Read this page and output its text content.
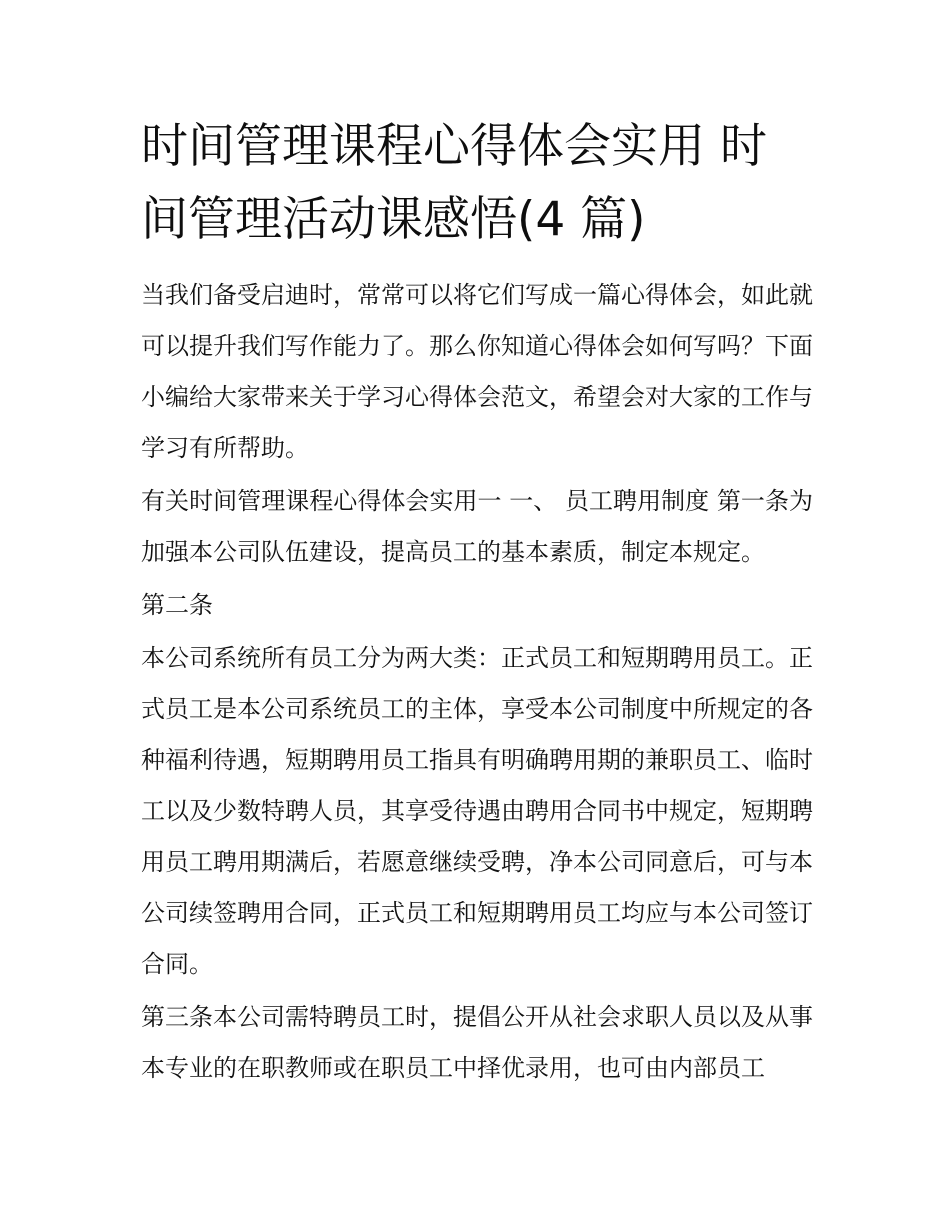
时间管理课程心得体会实用 时间管理活动课感悟(4 篇)

当我们备受启迪时，常常可以将它们写成一篇心得体会，如此就可以提升我们写作能力了。那么你知道心得体会如何写吗？下面小编给大家带来关于学习心得体会范文，希望会对大家的工作与学习有所帮助。

有关时间管理课程心得体会实用一 一、 员工聘用制度 第一条为加强本公司队伍建设，提高员工的基本素质，制定本规定。

第二条

本公司系统所有员工分为两大类：正式员工和短期聘用员工。正式员工是本公司系统员工的主体，享受本公司制度中所规定的各种福利待遇，短期聘用员工指具有明确聘用期的兼职员工、临时工以及少数特聘人员，其享受待遇由聘用合同书中规定，短期聘用员工聘用期满后，若愿意继续受聘，净本公司同意后，可与本公司续签聘用合同，正式员工和短期聘用员工均应与本公司签订合同。

第三条本公司需特聘员工时，提倡公开从社会求职人员以及从事本专业的在职教师或在职员工中择优录用，也可由内部员工
